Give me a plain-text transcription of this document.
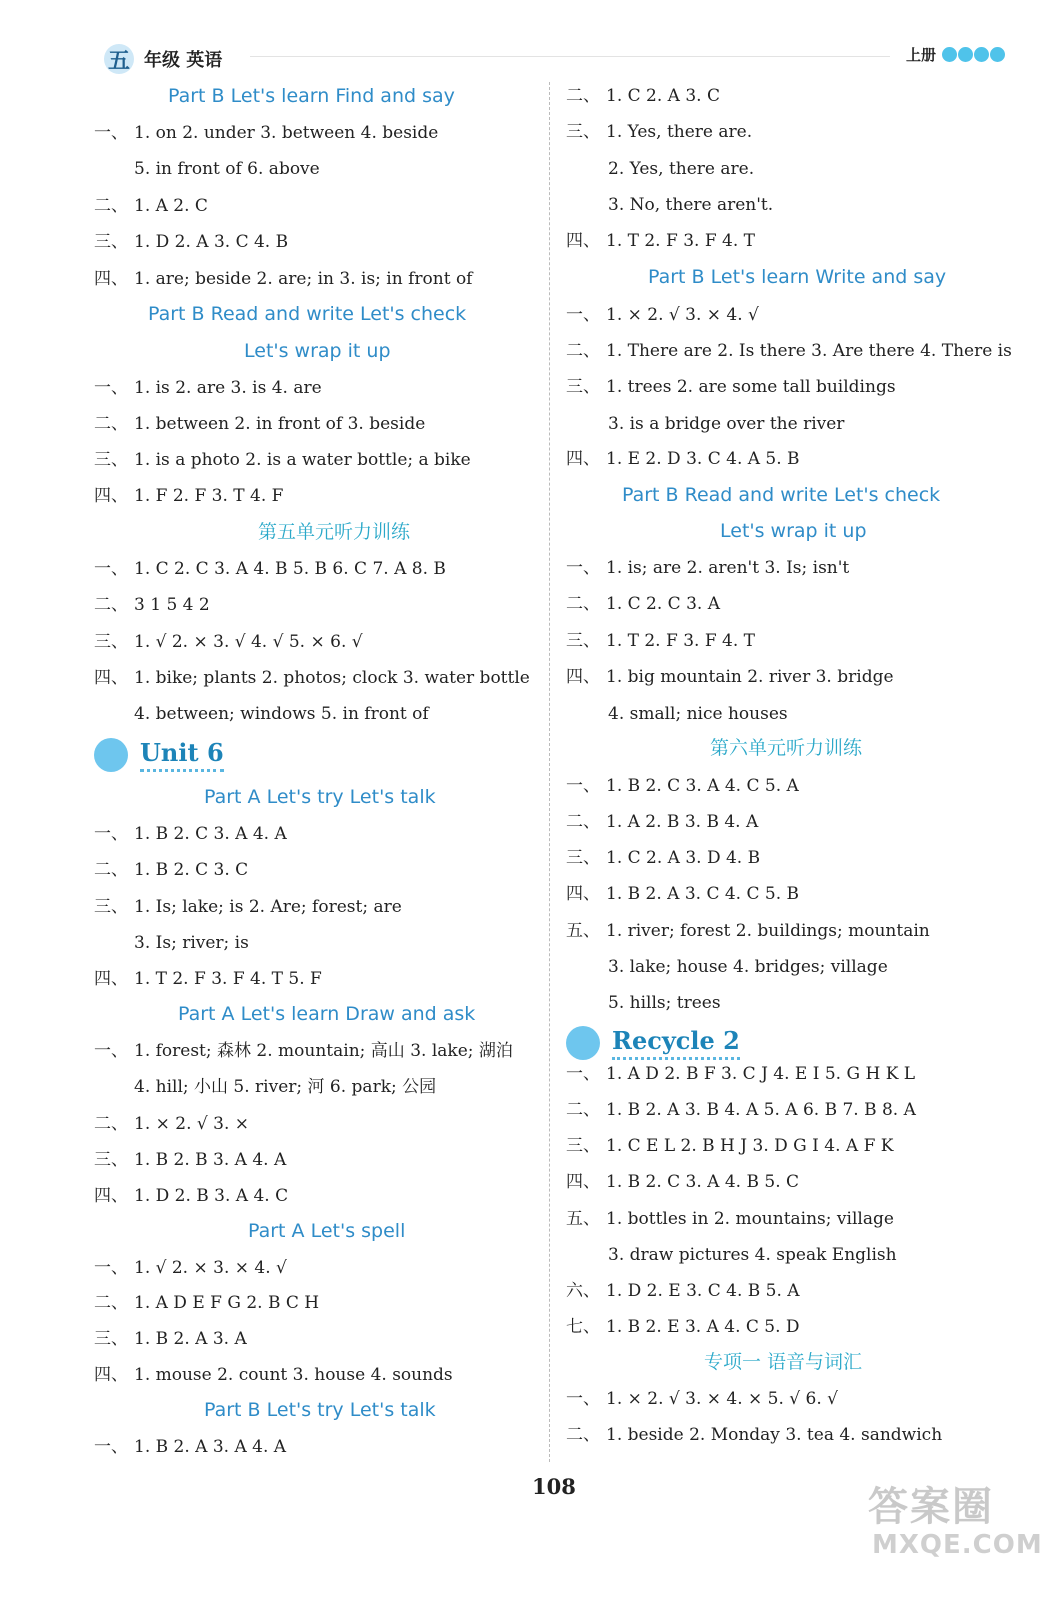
五 年级 英语	上册
Part B Let's learn Find and say
一、 1. on 2. under 3. between 4. beside
5. in front of 6. above
二、 1. A 2. C
三、 1. D 2. A 3. C 4. B
四、 1. are; beside 2. are; in 3. is; in front of
Part B Read and write Let's check
Let's wrap it up
一、 1. is 2. are 3. is 4. are
二、 1. between 2. in front of 3. beside
三、 1. is a photo 2. is a water bottle; a bike
四、 1. F 2. F 3. T 4. F
第五单元听力训练
一、 1. C 2. C 3. A 4. B 5. B 6. C 7. A 8. B
二、 3 1 5 4 2
三、 1. √ 2. × 3. √ 4. √ 5. × 6. √
四、 1. bike; plants 2. photos; clock 3. water bottle
4. between; windows 5. in front of
Unit 6
Part A Let's try Let's talk
一、 1. B 2. C 3. A 4. A
二、 1. B 2. C 3. C
三、 1. Is; lake; is 2. Are; forest; are
3. Is; river; is
四、 1. T 2. F 3. F 4. T 5. F
Part A Let's learn Draw and ask
一、 1. forest; 森林 2. mountain; 高山 3. lake; 湖泊
4. hill; 小山 5. river; 河 6. park; 公园
二、 1. × 2. √ 3. ×
三、 1. B 2. B 3. A 4. A
四、 1. D 2. B 3. A 4. C
Part A Let's spell
一、 1. √ 2. × 3. × 4. √
二、 1. A D E F G 2. B C H
三、 1. B 2. A 3. A
四、 1. mouse 2. count 3. house 4. sounds
Part B Let's try Let's talk
一、 1. B 2. A 3. A 4. A
二、 1. C 2. A 3. C
三、 1. Yes, there are.
2. Yes, there are.
3. No, there aren't.
四、 1. T 2. F 3. F 4. T
Part B Let's learn Write and say
一、 1. × 2. √ 3. × 4. √
二、 1. There are 2. Is there 3. Are there 4. There is
三、 1. trees 2. are some tall buildings
3. is a bridge over the river
四、 1. E 2. D 3. C 4. A 5. B
Part B Read and write Let's check
Let's wrap it up
一、 1. is; are 2. aren't 3. Is; isn't
二、 1. C 2. C 3. A
三、 1. T 2. F 3. F 4. T
四、 1. big mountain 2. river 3. bridge
4. small; nice houses
第六单元听力训练
一、 1. B 2. C 3. A 4. C 5. A
二、 1. A 2. B 3. B 4. A
三、 1. C 2. A 3. D 4. B
四、 1. B 2. A 3. C 4. C 5. B
五、 1. river; forest 2. buildings; mountain
3. lake; house 4. bridges; village
5. hills; trees
Recycle 2
一、 1. A D 2. B F 3. C J 4. E I 5. G H K L
二、 1. B 2. A 3. B 4. A 5. A 6. B 7. B 8. A
三、 1. C E L 2. B H J 3. D G I 4. A F K
四、 1. B 2. C 3. A 4. B 5. C
五、 1. bottles in 2. mountains; village
3. draw pictures 4. speak English
六、 1. D 2. E 3. C 4. B 5. A
七、 1. B 2. E 3. A 4. C 5. D
专项一 语音与词汇
一、 1. × 2. √ 3. × 4. × 5. √ 6. √
二、 1. beside 2. Monday 3. tea 4. sandwich
108	答案圈
MXQE.COM
